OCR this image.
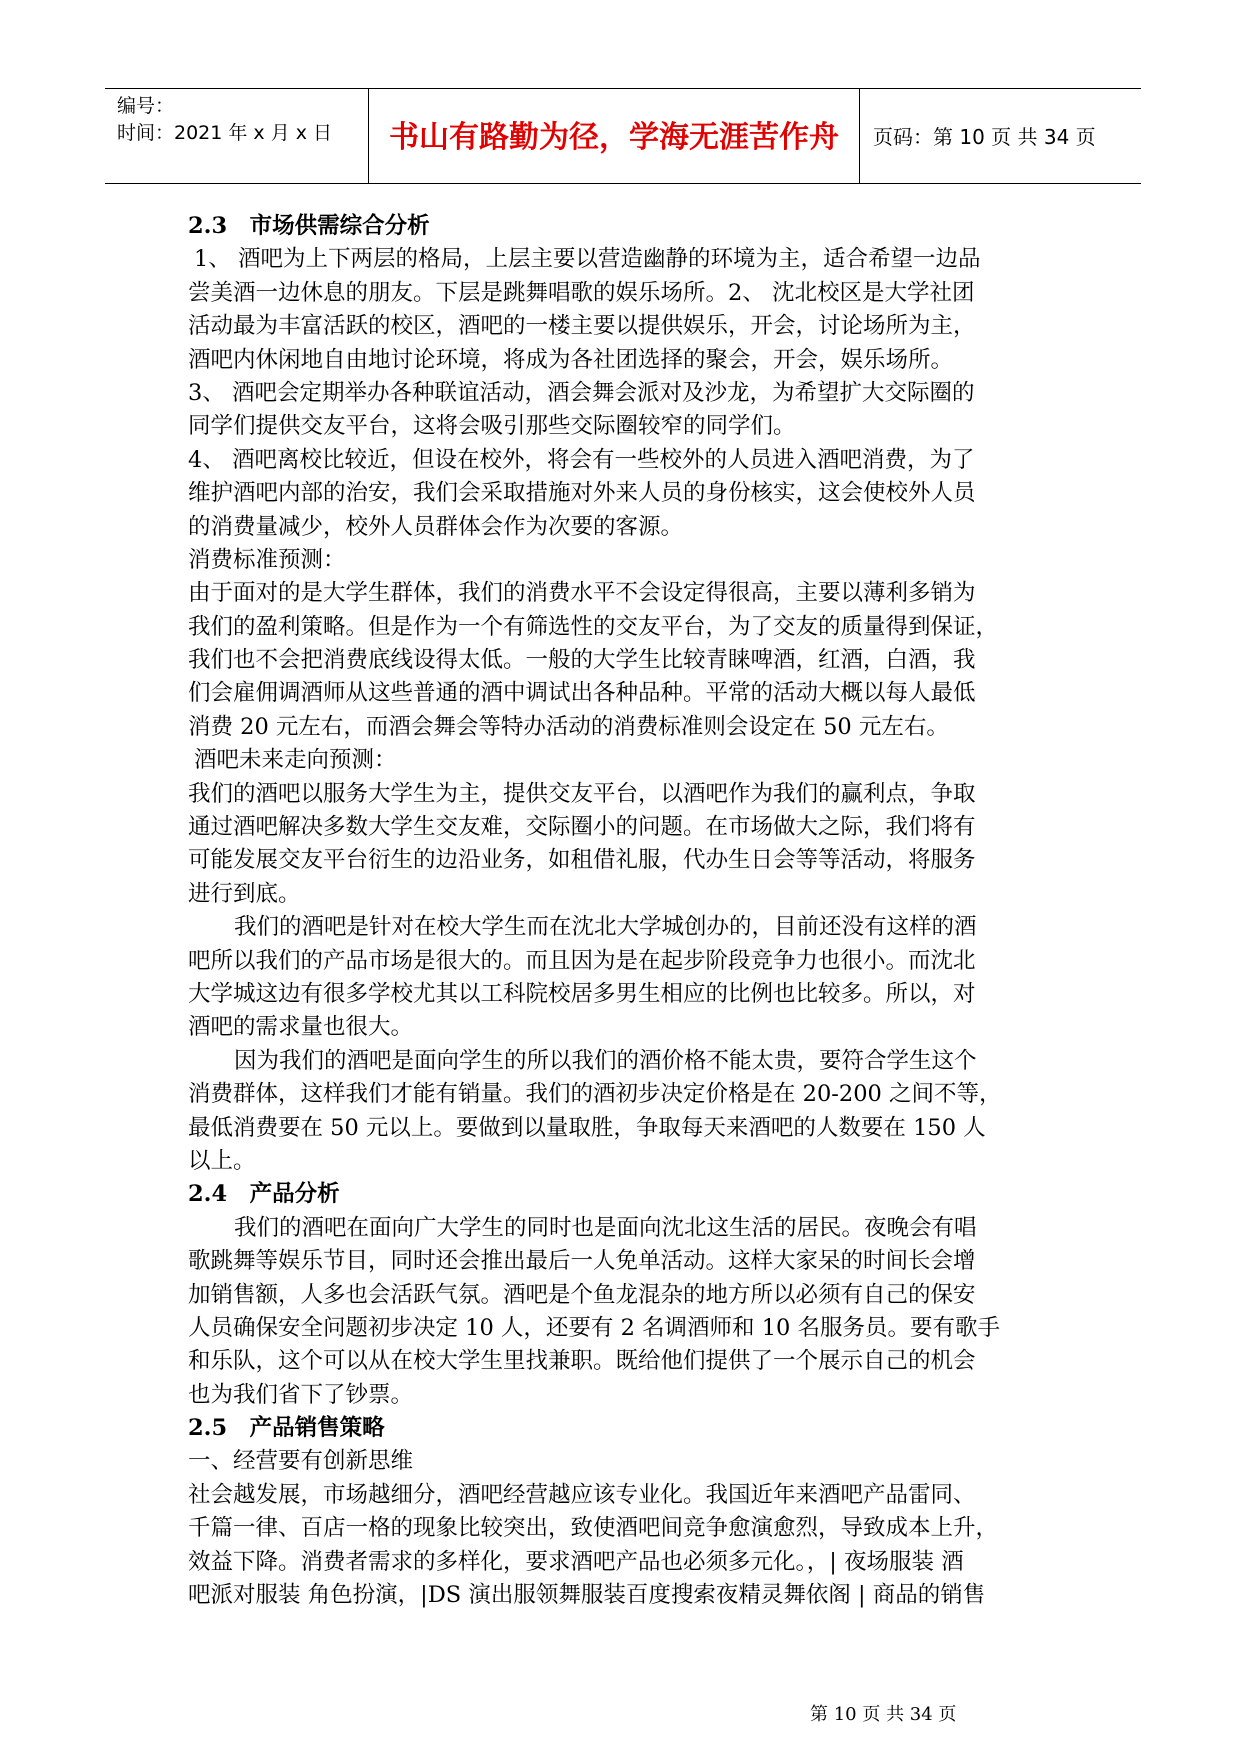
编号：
时间：2021 年 x 月 x 日	书山有路勤为径，学海无涯苦作舟	页码：第 10 页 共 34 页
2.3　市场供需综合分析
1、 酒吧为上下两层的格局，上层主要以营造幽静的环境为主，适合希望一边品
尝美酒一边休息的朋友。下层是跳舞唱歌的娱乐场所。2、 沈北校区是大学社团
活动最为丰富活跃的校区，酒吧的一楼主要以提供娱乐，开会，讨论场所为主，
酒吧内休闲地自由地讨论环境，将成为各社团选择的聚会，开会，娱乐场所。
3、 酒吧会定期举办各种联谊活动，酒会舞会派对及沙龙，为希望扩大交际圈的
同学们提供交友平台，这将会吸引那些交际圈较窄的同学们。
4、 酒吧离校比较近，但设在校外，将会有一些校外的人员进入酒吧消费，为了
维护酒吧内部的治安，我们会采取措施对外来人员的身份核实，这会使校外人员
的消费量减少，校外人员群体会作为次要的客源。
消费标准预测：
由于面对的是大学生群体，我们的消费水平不会设定得很高，主要以薄利多销为
我们的盈利策略。但是作为一个有筛选性的交友平台，为了交友的质量得到保证，
我们也不会把消费底线设得太低。一般的大学生比较青睐啤酒，红酒，白酒，我
们会雇佣调酒师从这些普通的酒中调试出各种品种。平常的活动大概以每人最低
消费 20 元左右，而酒会舞会等特办活动的消费标准则会设定在 50 元左右。
酒吧未来走向预测：
我们的酒吧以服务大学生为主，提供交友平台，以酒吧作为我们的赢利点，争取
通过酒吧解决多数大学生交友难，交际圈小的问题。在市场做大之际，我们将有
可能发展交友平台衍生的边沿业务，如租借礼服，代办生日会等等活动，将服务
进行到底。
我们的酒吧是针对在校大学生而在沈北大学城创办的，目前还没有这样的酒
吧所以我们的产品市场是很大的。而且因为是在起步阶段竞争力也很小。而沈北
大学城这边有很多学校尤其以工科院校居多男生相应的比例也比较多。所以，对
酒吧的需求量也很大。
因为我们的酒吧是面向学生的所以我们的酒价格不能太贵，要符合学生这个
消费群体，这样我们才能有销量。我们的酒初步决定价格是在 20-200 之间不等，
最低消费要在 50 元以上。要做到以量取胜，争取每天来酒吧的人数要在 150 人
以上。
2.4　产品分析
我们的酒吧在面向广大学生的同时也是面向沈北这生活的居民。夜晚会有唱
歌跳舞等娱乐节目，同时还会推出最后一人免单活动。这样大家呆的时间长会增
加销售额，人多也会活跃气氛。酒吧是个鱼龙混杂的地方所以必须有自己的保安
人员确保安全问题初步决定 10 人，还要有 2 名调酒师和 10 名服务员。要有歌手
和乐队，这个可以从在校大学生里找兼职。既给他们提供了一个展示自己的机会
也为我们省下了钞票。
2.5　产品销售策略
一、经营要有创新思维
社会越发展，市场越细分，酒吧经营越应该专业化。我国近年来酒吧产品雷同、
千篇一律、百店一格的现象比较突出，致使酒吧间竞争愈演愈烈，导致成本上升，
效益下降。消费者需求的多样化，要求酒吧产品也必须多元化。，| 夜场服装 酒
吧派对服装 角色扮演，|DS 演出服领舞服装百度搜索夜精灵舞依阁 | 商品的销售
第 10 页 共 34 页
